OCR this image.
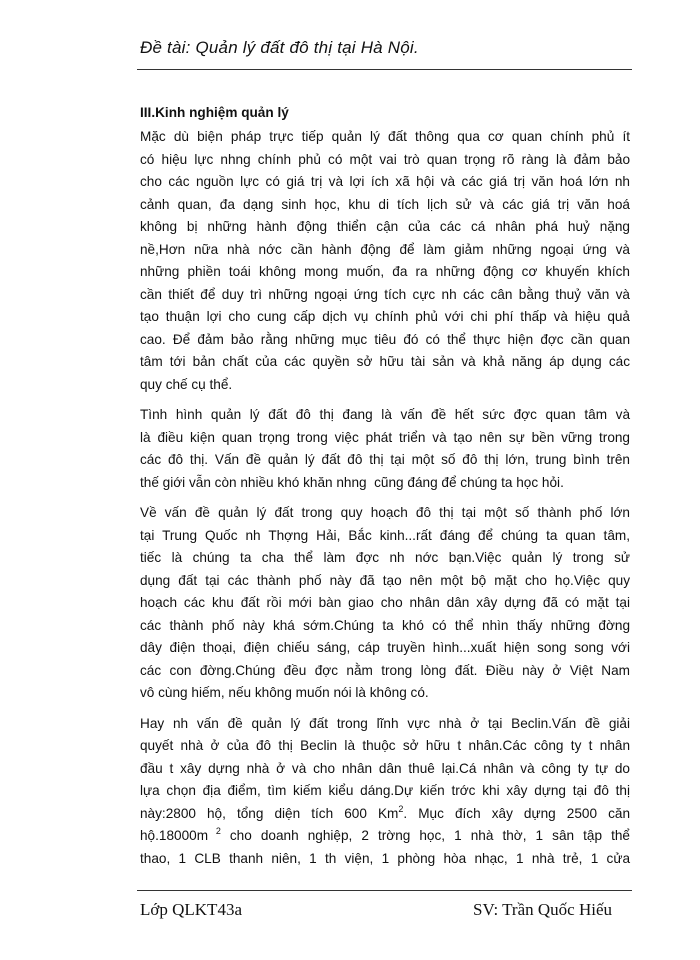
Đề tài: Quản lý đất đô thị tại Hà Nội.

III.Kinh nghiệm quản lý

Mặc dù biện pháp trực tiếp quản lý đất thông qua cơ quan chính phủ ít
có hiệu lực nhng chính phủ có một vai trò quan trọng rõ ràng là đảm bảo
cho các nguồn lực có giá trị và lợi ích xã hội và các giá trị văn hoá lớn nh
cảnh quan, đa dạng sinh học, khu di tích lịch sử và các giá trị văn hoá
không bị những hành động thiển cận của các cá nhân phá huỷ nặng
nề,Hơn nữa nhà nớc cần hành động để làm giảm những ngoại ứng và
những phiền toái không mong muốn, đa ra những động cơ khuyến khích
cần thiết để duy trì những ngoại ứng tích cực nh các cân bằng thuỷ văn và
tạo thuận lợi cho cung cấp dịch vụ chính phủ với chi phí thấp và hiệu quả
cao. Để đảm bảo rằng những mục tiêu đó có thể thực hiện đợc cần quan
tâm tới bản chất của các quyền sở hữu tài sản và khả năng áp dụng các
quy chế cụ thể.
Tình hình quản lý đất đô thị đang là vấn đề hết sức đợc quan tâm và
là điều kiện quan trọng trong việc phát triển và tạo nên sự bền vững trong
các đô thị. Vấn đề quản lý đất đô thị tại một số đô thị lớn, trung bình trên
thế giới vẫn còn nhiều khó khăn nhng  cũng đáng để chúng ta học hỏi.
Về vấn đề quản lý đất trong quy hoạch đô thị tại một số thành phố lớn
tại Trung Quốc nh Thợng Hải, Bắc kinh...rất đáng để chúng ta quan tâm,
tiếc là chúng ta cha thể làm đợc nh nớc bạn.Việc quản lý trong sử
dụng đất tại các thành phố này đã tạo nên một bộ mặt cho họ.Việc quy
hoạch các khu đất rồi mới bàn giao cho nhân dân xây dựng đã có mặt tại
các thành phố này khá sớm.Chúng ta khó có thể nhìn thấy những đờng
dây điện thoại, điện chiếu sáng, cáp truyền hình...xuất hiện song song với
các con đờng.Chúng đều đợc nằm trong lòng đất. Điều này ở Việt Nam
vô cùng hiếm, nếu không muốn nói là không có.
Hay nh vấn đề quản lý đất trong lĩnh vực nhà ở tại Beclin.Vấn đề giải
quyết nhà ở của đô thị Beclin là thuộc sở hữu t nhân.Các công ty t nhân
đầu t xây dựng nhà ở và cho nhân dân thuê lại.Cá nhân và công ty tự do
lựa chọn địa điểm, tìm kiếm kiểu dáng.Dự kiến trớc khi xây dựng tại đô thị
này:2800 hộ, tổng diện tích 600 Km$^2$. Mục đích xây dựng 2500 căn
hộ.18000m $^2$ cho doanh nghiệp, 2 trờng học, 1 nhà thờ, 1 sân tập thể
thao, 1 CLB thanh niên, 1 th viện, 1 phòng hòa nhạc, 1 nhà trẻ, 1 cửa
Lớp QLKT43a	SV: Trần Quốc Hiếu
